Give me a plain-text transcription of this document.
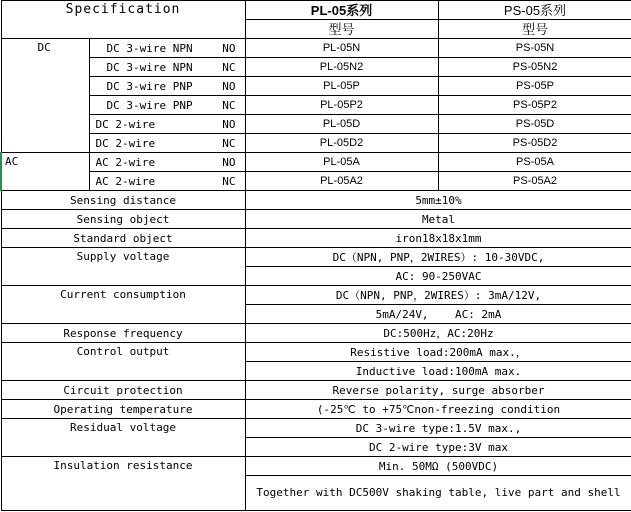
Specification		PL-05系列	PS-05系列
		型号	型号
DC	DC 3-wire NPN NO	PL-05N	PS-05N

	DC 3-wire NPN NC	PL-05N2	PS-05N2

	DC 3-wire PNP NO	PL-05P	PS-05P

	DC 3-wire PNP NC	PL-05P2	PS-05P2

	DC 2-wire NO	PL-05D	PS-05D

	DC 2-wire NC	PL-05D2	PS-05D2
AC	AC 2-wire NO	PL-05A	PS-05A

	AC 2-wire NC	PL-05A2	PS-05A2
Sensing distance		5mm±10%	
Sensing object		Metal	
Standard object		iron18x18x1mm	
Supply voltage		DC（NPN, PNP，2WIRES）: 10-30VDC,	
		AC: 90-250VAC	
Current consumption		DC（NPN, PNP，2WIRES）: 3mA/12V,	
		5mA/24V,    AC: 2mA	
Response frequency		DC:500Hz，AC:20Hz	
Control output		Resistive load:200mA max.，	
		Inductive load:100mA max.	
Circuit protection		Reverse polarity, surge absorber	
Operating temperature		(-25℃ to +75℃non-freezing condition	
Residual voltage		DC 3-wire type:1.5V max.,	
		DC 2-wire type:3V max	
Insulation resistance		Min. 50MΩ (500VDC)	
		Together with DC500V shaking table, live part and shell	
